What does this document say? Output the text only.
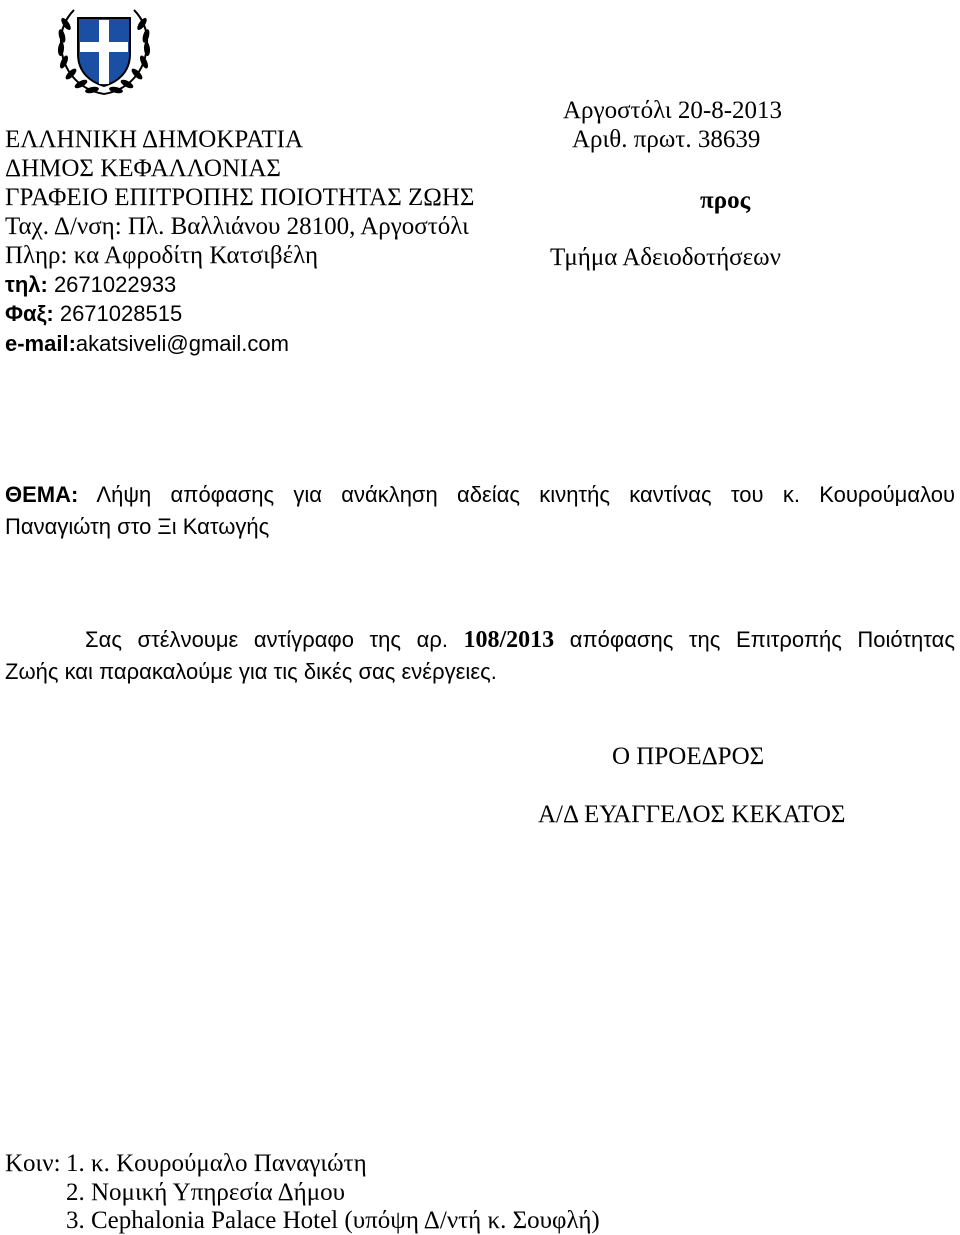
Αργοστόλι 20-8-2013
Αριθ. πρωτ. 38639
ΕΛΛΗΝΙΚΗ ΔΗΜΟΚΡΑΤΙΑ
ΔΗΜΟΣ ΚΕΦΑΛΛΟΝΙΑΣ
ΓΡΑΦΕΙΟ ΕΠΙΤΡΟΠΗΣ ΠΟΙΟΤΗΤΑΣ ΖΩΗΣ	προς
Ταχ. Δ/νση: Πλ. Βαλλιάνου 28100, Αργοστόλι
Πληρ: κα Αφροδίτη Κατσιβέλη	Τμήμα Αδειοδοτήσεων
τηλ: 2671022933
Φαξ: 2671028515
e-mail:akatsiveli@gmail.com
ΘΕΜΑ: Λήψη απόφασης για ανάκληση αδείας κινητής καντίνας του κ. Κουρούμαλου
Παναγιώτη στο Ξι Κατωγής
Σας στέλνουμε αντίγραφο της αρ. 108/2013 απόφασης της Επιτροπής Ποιότητας
Ζωής και παρακαλούμε για τις δικές σας ενέργειες.
Ο ΠΡΟΕΔΡΟΣ
Α/Δ ΕΥΑΓΓΕΛΟΣ ΚΕΚΑΤΟΣ
Κοιν: 1. κ. Κουρούμαλο Παναγιώτη
2. Νομική Υπηρεσία Δήμου
3. Cephalonia Palace Hotel (υπόψη Δ/ντή κ. Σουφλή)
